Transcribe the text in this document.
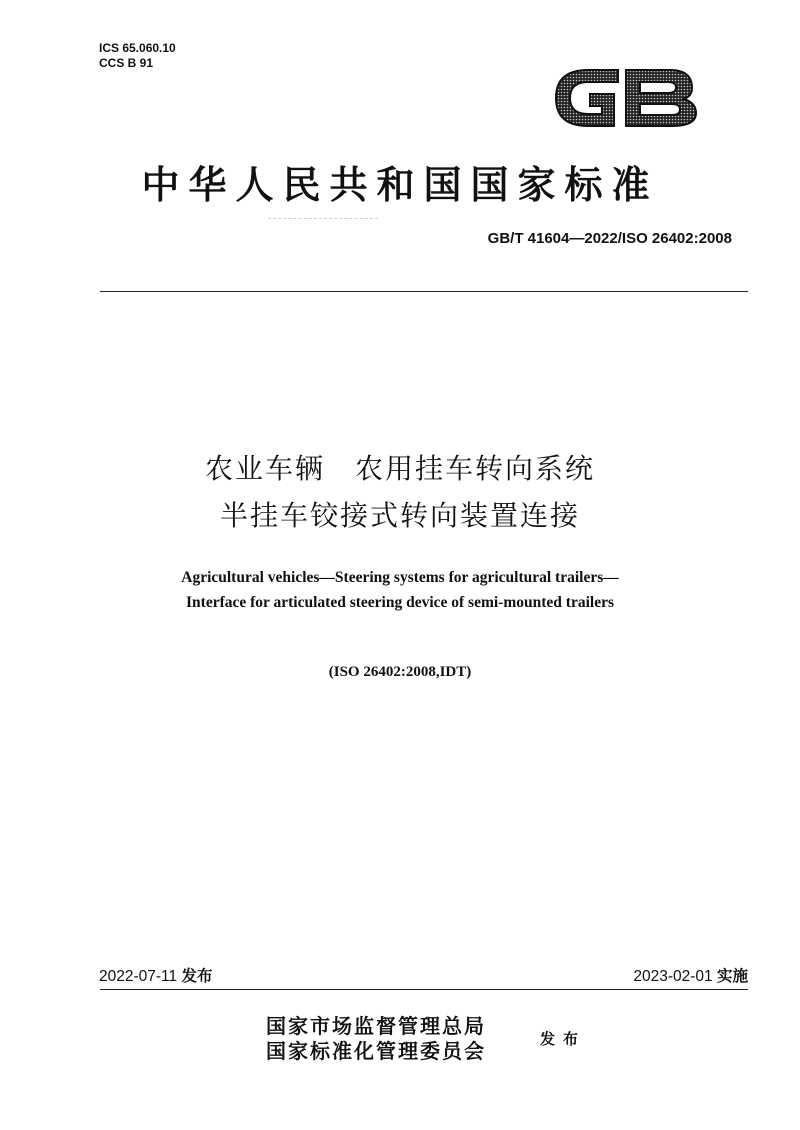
ICS 65.060.10
CCS B 91
中华人民共和国国家标准
GB/T 41604—2022/ISO 26402:2008
农业车辆　农用挂车转向系统
半挂车铰接式转向装置连接
Agricultural vehicles—Steering systems for agricultural trailers—
Interface for articulated steering device of semi-mounted trailers
(ISO 26402:2008,IDT)
2022-07-11 发布	2023-02-01 实施
国家市场监督管理总局
国家标准化管理委员会	发布
